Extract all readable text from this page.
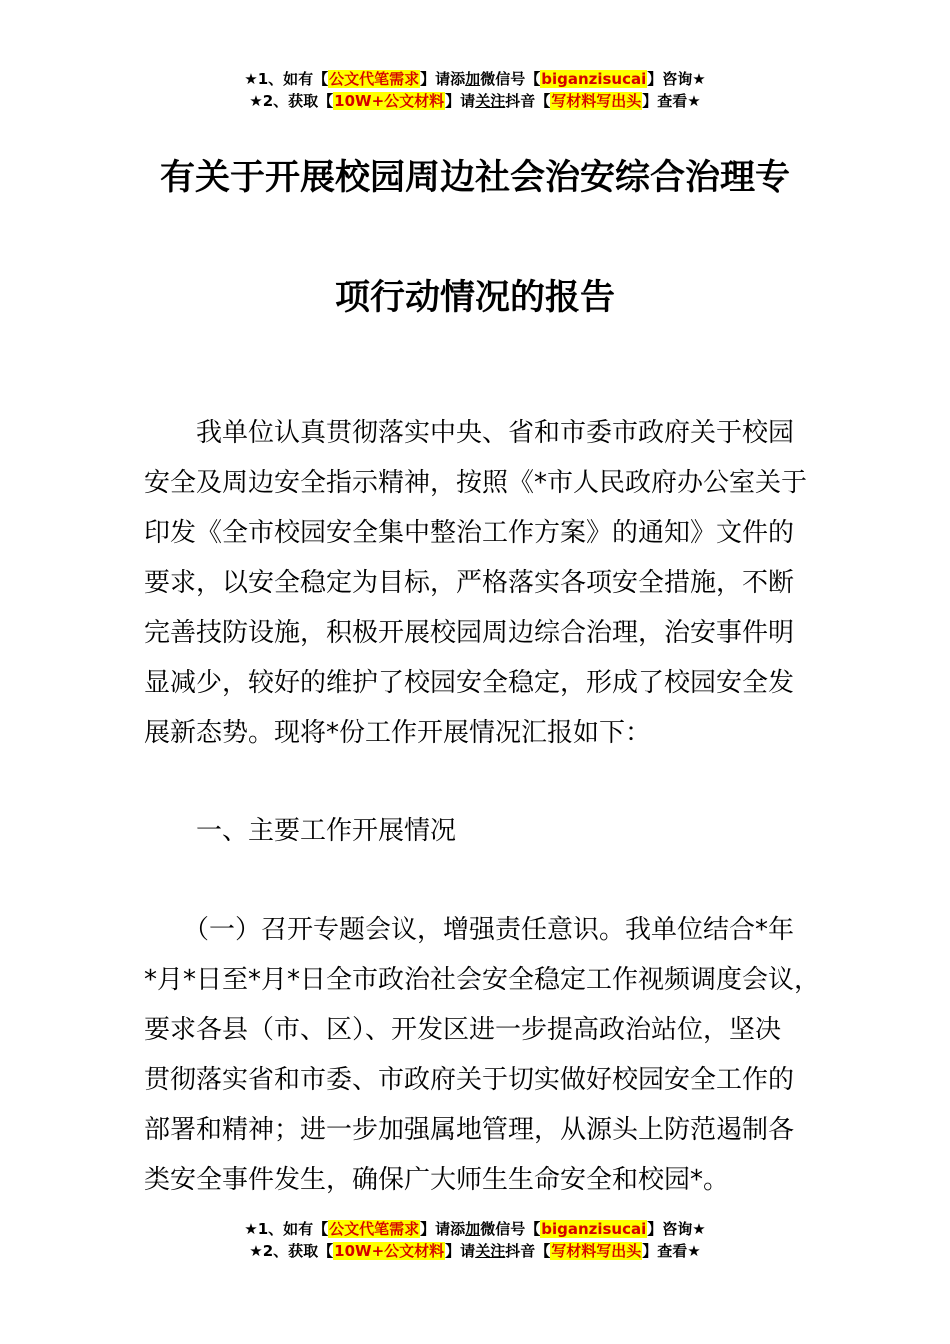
★1、如有【公文代笔需求】请添加微信号【biganzisucai】咨询★
★2、获取【10W+公文材料】请关注抖音【写材料写出头】查看★
有关于开展校园周边社会治安综合治理专
项行动情况的报告
　　我单位认真贯彻落实中央、省和市委市政府关于校园
安全及周边安全指示精神，按照《*市人民政府办公室关于
印发《全市校园安全集中整治工作方案》的通知》文件的
要求，以安全稳定为目标，严格落实各项安全措施，不断
完善技防设施，积极开展校园周边综合治理，治安事件明
显减少，较好的维护了校园安全稳定，形成了校园安全发
展新态势。现将*份工作开展情况汇报如下：
　　一、主要工作开展情况
　　（一）召开专题会议，增强责任意识。我单位结合*年
*月*日至*月*日全市政治社会安全稳定工作视频调度会议，
要求各县（市、区）、开发区进一步提高政治站位，坚决
贯彻落实省和市委、市政府关于切实做好校园安全工作的
部署和精神；进一步加强属地管理，从源头上防范遏制各
类安全事件发生，确保广大师生生命安全和校园*。
★1、如有【公文代笔需求】请添加微信号【biganzisucai】咨询★
★2、获取【10W+公文材料】请关注抖音【写材料写出头】查看★
